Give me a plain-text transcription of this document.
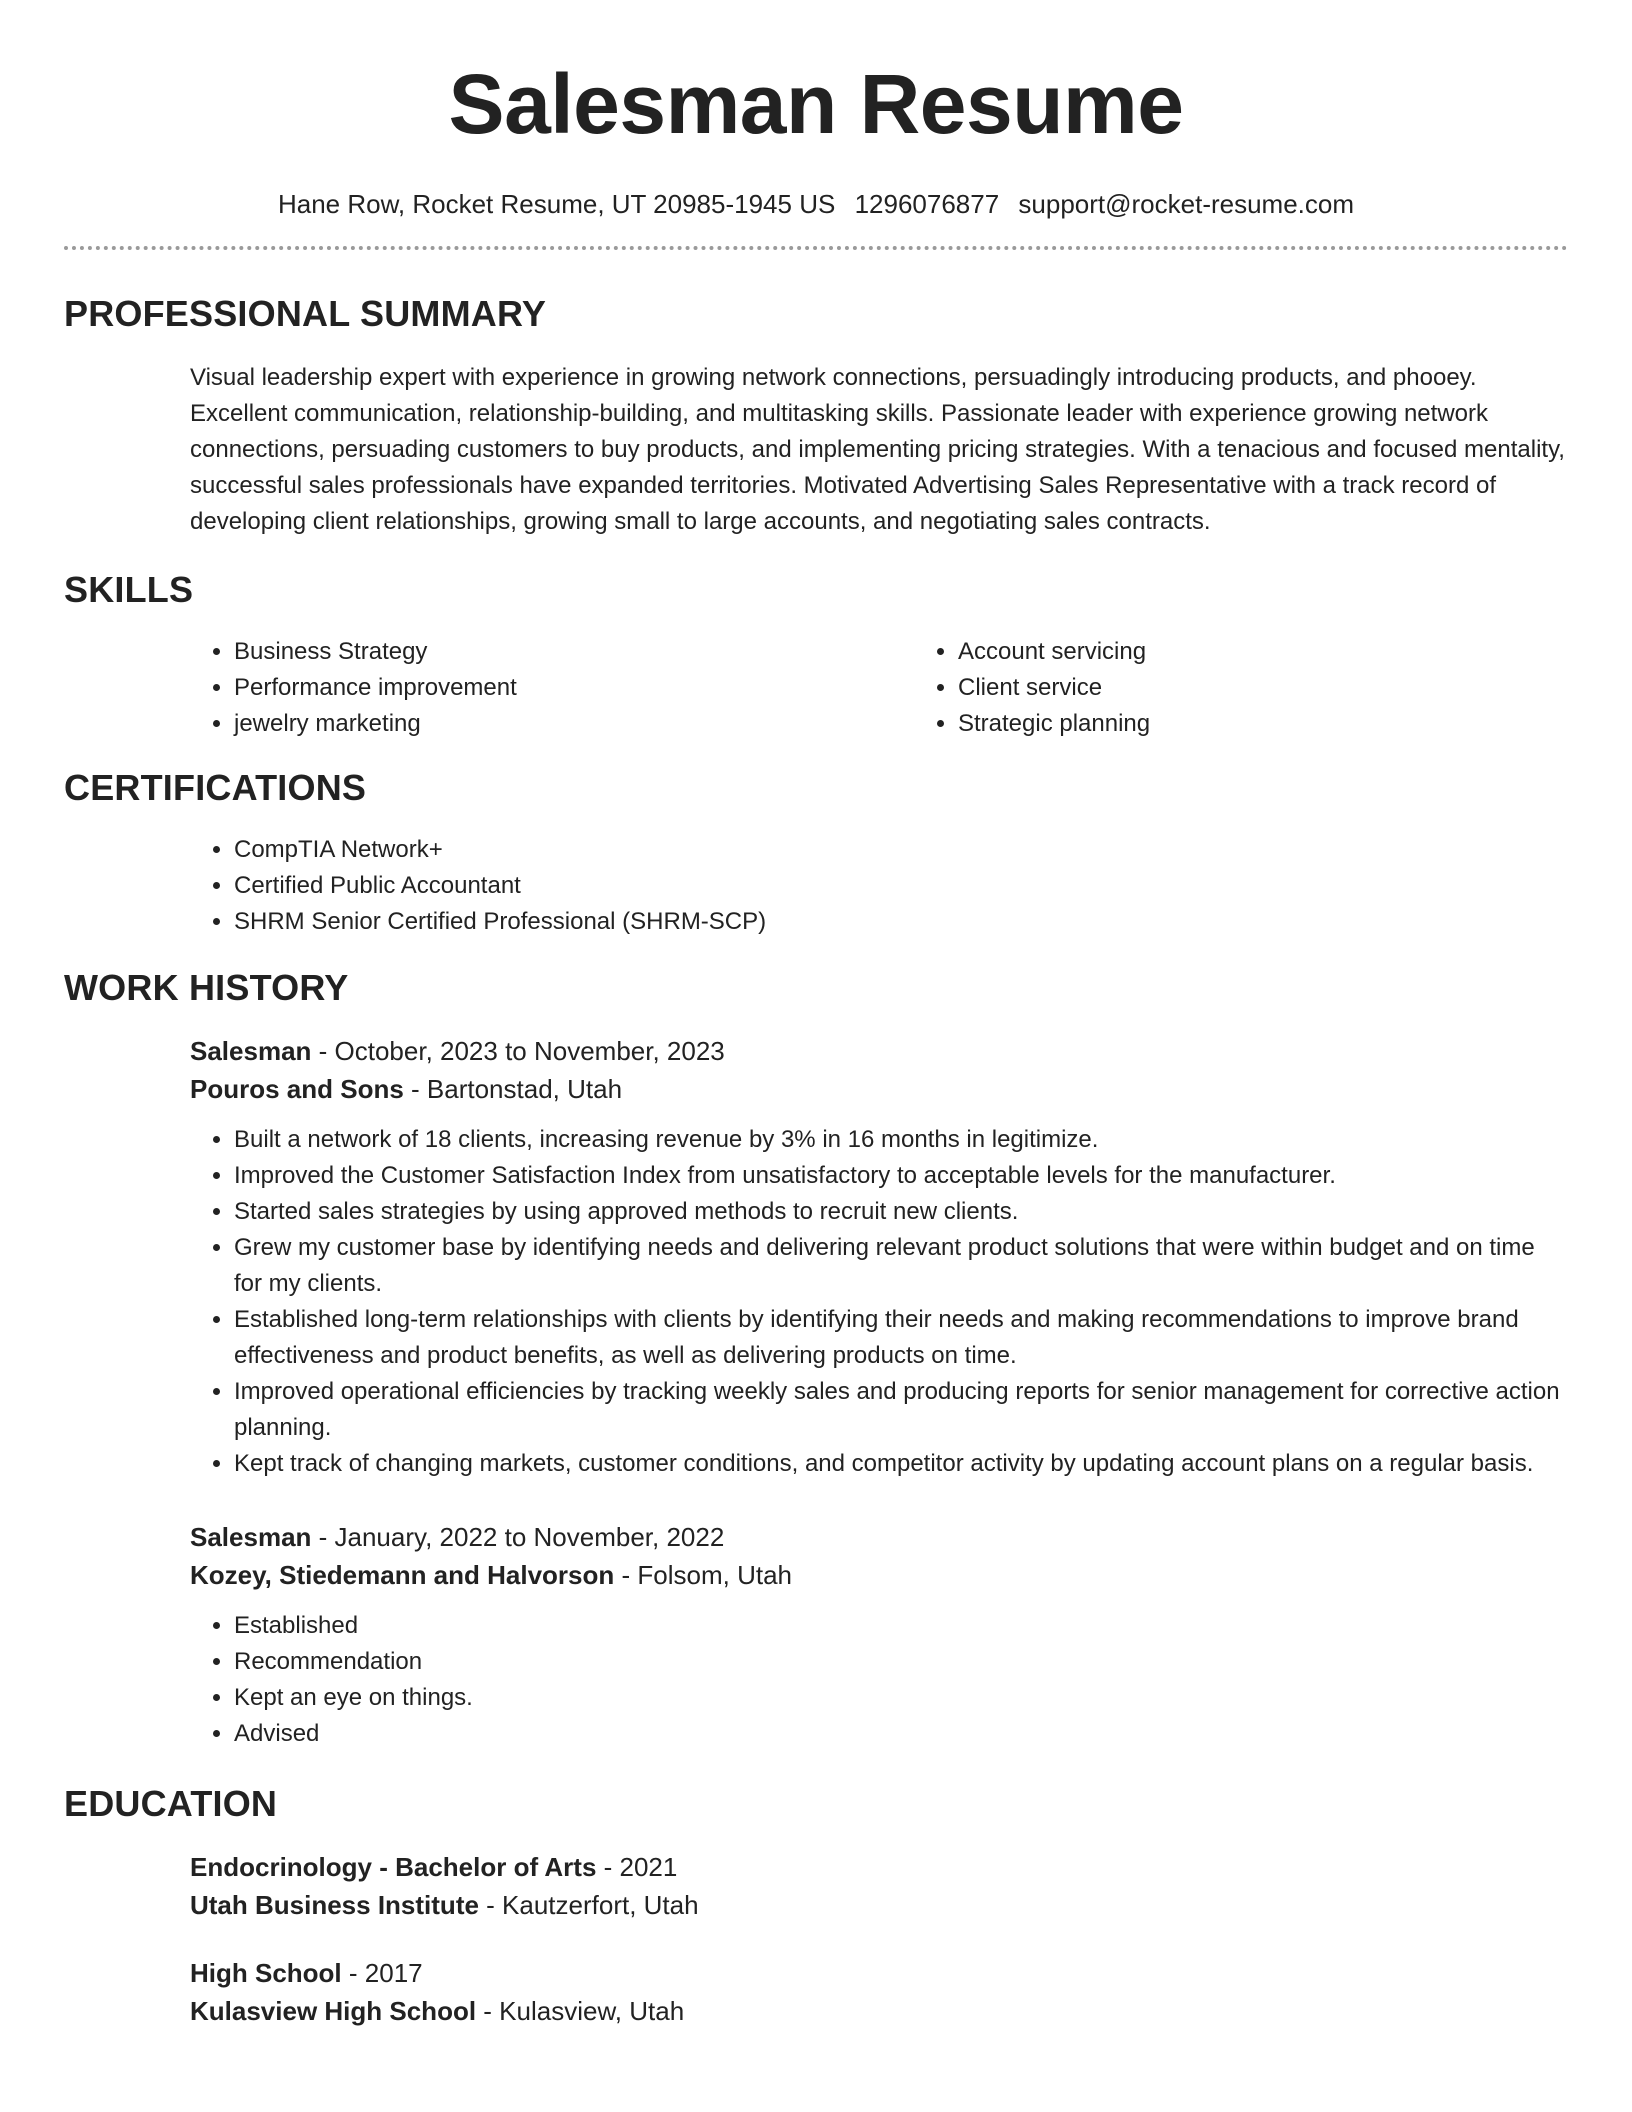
Salesman Resume
Hane Row, Rocket Resume, UT 20985-1945 US 1296076877 support@rocket-resume.com
PROFESSIONAL SUMMARY
Visual leadership expert with experience in growing network connections, persuadingly introducing products, and phooey. Excellent communication, relationship-building, and multitasking skills. Passionate leader with experience growing network connections, persuading customers to buy products, and implementing pricing strategies. With a tenacious and focused mentality, successful sales professionals have expanded territories. Motivated Advertising Sales Representative with a track record of developing client relationships, growing small to large accounts, and negotiating sales contracts.
SKILLS
• Business Strategy
• Performance improvement
• jewelry marketing
• Account servicing
• Client service
• Strategic planning
CERTIFICATIONS
• CompTIA Network+
• Certified Public Accountant
• SHRM Senior Certified Professional (SHRM-SCP)
WORK HISTORY
Salesman - October, 2023 to November, 2023
Pouros and Sons - Bartonstad, Utah
• Built a network of 18 clients, increasing revenue by 3% in 16 months in legitimize.
• Improved the Customer Satisfaction Index from unsatisfactory to acceptable levels for the manufacturer.
• Started sales strategies by using approved methods to recruit new clients.
• Grew my customer base by identifying needs and delivering relevant product solutions that were within budget and on time for my clients.
• Established long-term relationships with clients by identifying their needs and making recommendations to improve brand effectiveness and product benefits, as well as delivering products on time.
• Improved operational efficiencies by tracking weekly sales and producing reports for senior management for corrective action planning.
• Kept track of changing markets, customer conditions, and competitor activity by updating account plans on a regular basis.
Salesman - January, 2022 to November, 2022
Kozey, Stiedemann and Halvorson - Folsom, Utah
• Established
• Recommendation
• Kept an eye on things.
• Advised
EDUCATION
Endocrinology - Bachelor of Arts - 2021
Utah Business Institute - Kautzerfort, Utah
High School - 2017
Kulasview High School - Kulasview, Utah
